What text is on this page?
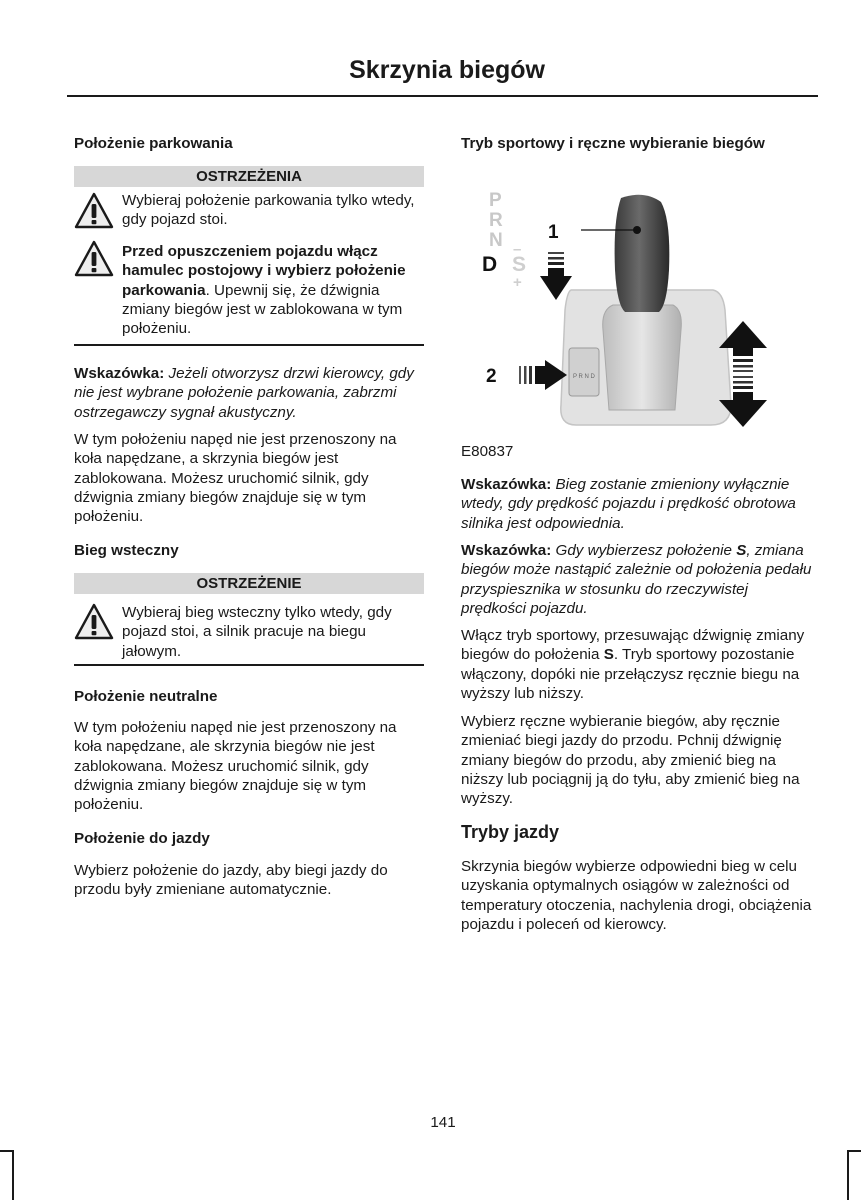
Skrzynia biegów
Położenie parkowania
OSTRZEŻENIA
Wybieraj położenie parkowania tylko wtedy, gdy pojazd stoi.
Przed opuszczeniem pojazdu włącz hamulec postojowy i wybierz położenie parkowania. Upewnij się, że dźwignia zmiany biegów jest w zablokowana w tym położeniu.
Wskazówka: Jeżeli otworzysz drzwi kierowcy, gdy nie jest wybrane położenie parkowania, zabrzmi ostrzegawczy sygnał akustyczny.
W tym położeniu napęd nie jest przenoszony na koła napędzane, a skrzynia biegów jest zablokowana. Możesz uruchomić silnik, gdy dźwignia zmiany biegów znajduje się w tym położeniu.
Bieg wsteczny
OSTRZEŻENIE
Wybieraj bieg wsteczny tylko wtedy, gdy pojazd stoi, a silnik pracuje na biegu jałowym.
Położenie neutralne
W tym położeniu napęd nie jest przenoszony na koła napędzane, ale skrzynia biegów nie jest zablokowana. Możesz uruchomić silnik, gdy dźwignia zmiany biegów znajduje się w tym położeniu.
Położenie do jazdy
Wybierz położenie do jazdy, aby biegi jazdy do przodu były zmieniane automatycznie.
Tryb sportowy i ręczne wybieranie biegów
P
R
N
D S
–
+
1
2	P R N D
E80837
Wskazówka: Bieg zostanie zmieniony wyłącznie wtedy, gdy prędkość pojazdu i prędkość obrotowa silnika jest odpowiednia.
Wskazówka: Gdy wybierzesz położenie S, zmiana biegów może nastąpić zależnie od położenia pedału przyspiesznika w stosunku do rzeczywistej prędkości pojazdu.
Włącz tryb sportowy, przesuwając dźwignię zmiany biegów do położenia S. Tryb sportowy pozostanie włączony, dopóki nie przełączysz ręcznie biegu na wyższy lub niższy.
Wybierz ręczne wybieranie biegów, aby ręcznie zmieniać biegi jazdy do przodu. Pchnij dźwignię zmiany biegów do przodu, aby zmienić bieg na niższy lub pociągnij ją do tyłu, aby zmienić bieg na wyższy.
Tryby jazdy
Skrzynia biegów wybierze odpowiedni bieg w celu uzyskania optymalnych osiągów w zależności od temperatury otoczenia, nachylenia drogi, obciążenia pojazdu i poleceń od kierowcy.
141
